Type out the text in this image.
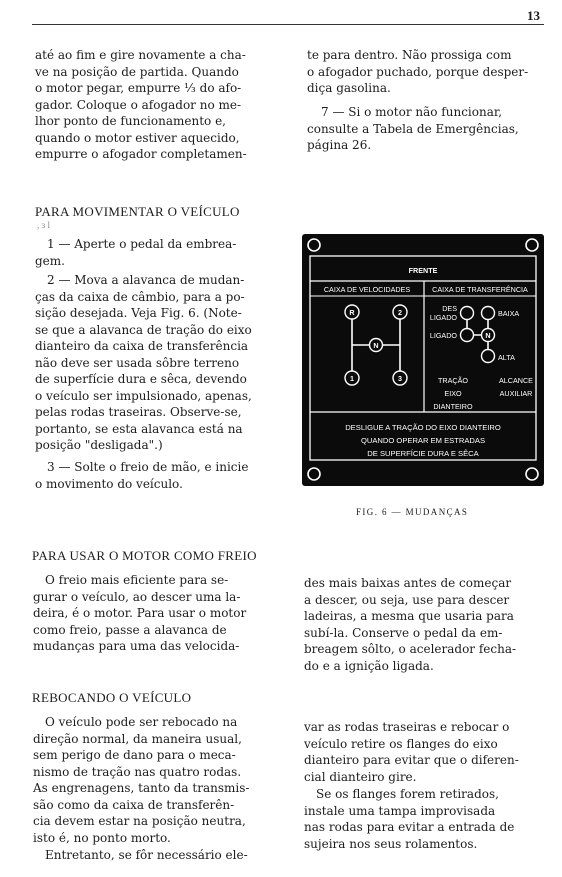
13
até ao fim e gire novamente a cha-
ve na posição de partida. Quando
o motor pegar, empurre ⅓ do afo-
gador. Coloque o afogador no me-
lhor ponto de funcionamento e,
quando o motor estiver aquecido,
empurre o afogador completamen-
te para dentro. Não prossiga com
o afogador puchado, porque desper-
diça gasolina.
7 — Si o motor não funcionar,
consulte a Tabela de Emergências,
página 26.
PARA MOVIMENTAR O VEÍCULO
, ɜ l
1 — Aperte o pedal da embrea-
gem.
2 — Mova a alavanca de mudan-
ças da caixa de câmbio, para a po-
sição desejada. Veja Fig. 6. (Note-
se que a alavanca de tração do eixo
dianteiro da caixa de transferência
não deve ser usada sôbre terreno
de superfície dura e sêca, devendo
o veículo ser impulsionado, apenas,
pelas rodas traseiras. Observe-se,
portanto, se esta alavanca está na
posição "desligada".)
3 — Solte o freio de mão, e inicie
o movimento do veículo.
FRENTE
CAIXA DE VELOCIDADES	CAIXA DE TRANSFERÊNCIA
R	2
N
1	3
N
DES
LIGADO
LIGADO
BAIXA
ALTA
TRAÇÃO
EIXO
DIANTEIRO
ALCANCE
AUXILIAR
DESLIGUE A TRAÇÃO DO EIXO DIANTEIRO
QUANDO OPERAR EM ESTRADAS
DE SUPERFÍCIE DURA E SÊCA
FIG. 6 — MUDANÇAS
PARA USAR O MOTOR COMO FREIO
O freio mais eficiente para se-
gurar o veículo, ao descer uma la-
deira, é o motor. Para usar o motor
como freio, passe a alavanca de
mudanças para uma das velocida-
des mais baixas antes de começar
a descer, ou seja, use para descer
ladeiras, a mesma que usaria para
subí-la. Conserve o pedal da em-
breagem sôlto, o acelerador fecha-
do e a ignição ligada.
REBOCANDO O VEÍCULO
O veículo pode ser rebocado na
direção normal, da maneira usual,
sem perigo de dano para o meca-
nismo de tração nas quatro rodas.
As engrenagens, tanto da transmis-
são como da caixa de transferên-
cia devem estar na posição neutra,
isto é, no ponto morto.
Entretanto, se fôr necessário ele-
var as rodas traseiras e rebocar o
veículo retire os flanges do eixo
dianteiro para evitar que o diferen-
cial dianteiro gire.
Se os flanges forem retirados,
instale uma tampa improvisada
nas rodas para evitar a entrada de
sujeira nos seus rolamentos.
